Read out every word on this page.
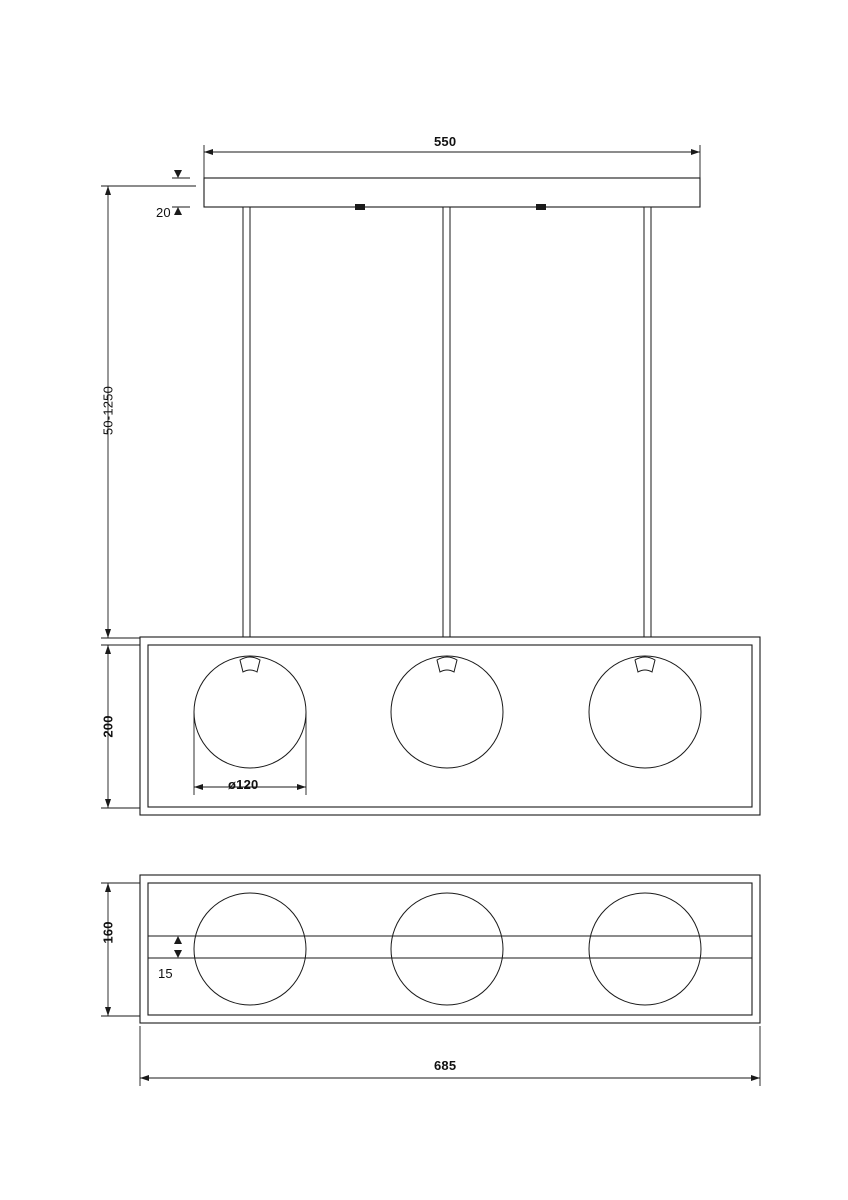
550
20
50-1250
200
ø120
160
15
685
